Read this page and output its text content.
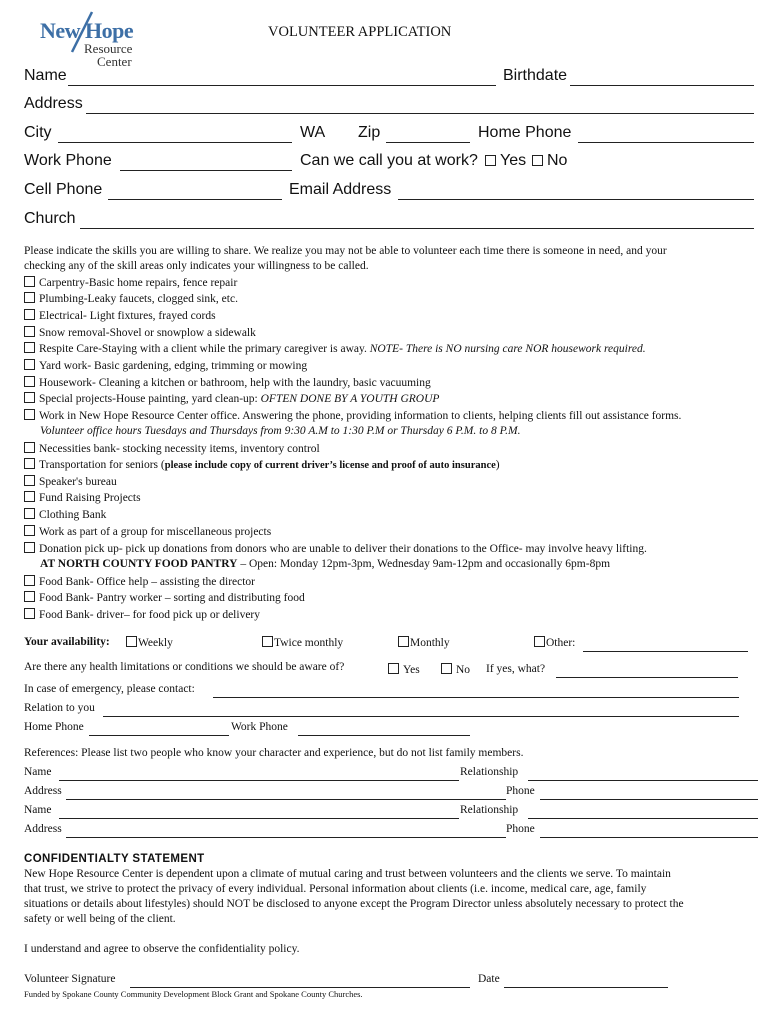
New Hope
Resource
Center
VOLUNTEER APPLICATION
Name	Birthdate
Address
City	WA Zip	Home Phone
Work Phone	Can we call you at work?	Yes	No
Cell Phone	Email Address
Church
Please indicate the skills you are willing to share. We realize you may not be able to volunteer each time there is someone in need, and your
checking any of the skill areas only indicates your willingness to be called.
Carpentry-Basic home repairs, fence repair
Plumbing-Leaky faucets, clogged sink, etc.
Electrical- Light fixtures, frayed cords
Snow removal-Shovel or snowplow a sidewalk
Respite Care-Staying with a client while the primary caregiver is away. NOTE- There is NO nursing care NOR housework required.
Yard work- Basic gardening, edging, trimming or mowing
Housework- Cleaning a kitchen or bathroom, help with the laundry, basic vacuuming
Special projects-House painting, yard clean-up: OFTEN DONE BY A YOUTH GROUP
Work in New Hope Resource Center office. Answering the phone, providing information to clients, helping clients fill out assistance forms.
Volunteer office hours Tuesdays and Thursdays from 9:30 A.M to 1:30 P.M or Thursday 6 P.M. to 8 P.M.
Necessities bank- stocking necessity items, inventory control
Transportation for seniors (please include copy of current driver’s license and proof of auto insurance)
Speaker's bureau
Fund Raising Projects
Clothing Bank
Work as part of a group for miscellaneous projects
Donation pick up- pick up donations from donors who are unable to deliver their donations to the Office- may involve heavy lifting.
AT NORTH COUNTY FOOD PANTRY – Open: Monday 12pm-3pm, Wednesday 9am-12pm and occasionally 6pm-8pm
Food Bank- Office help – assisting the director
Food Bank- Pantry worker – sorting and distributing food
Food Bank- driver– for food pick up or delivery
Your availability:	Weekly	Twice monthly	Monthly	Other:
Are there any health limitations or conditions we should be aware of?	Yes	No If yes, what?
In case of emergency, please contact:
Relation to you
Home Phone	Work Phone
References: Please list two people who know your character and experience, but do not list family members.
Name	Relationship
Address	Phone
Name	Relationship
Address	Phone
CONFIDENTIALTY STATEMENT
New Hope Resource Center is dependent upon a climate of mutual caring and trust between volunteers and the clients we serve. To maintain
that trust, we strive to protect the privacy of every individual. Personal information about clients (i.e. income, medical care, age, family
situations or details about lifestyles) should NOT be disclosed to anyone except the Program Director unless absolutely necessary to protect the
safety or well being of the client.
I understand and agree to observe the confidentiality policy.
Volunteer Signature	Date
Funded by Spokane County Community Development Block Grant and Spokane County Churches.
